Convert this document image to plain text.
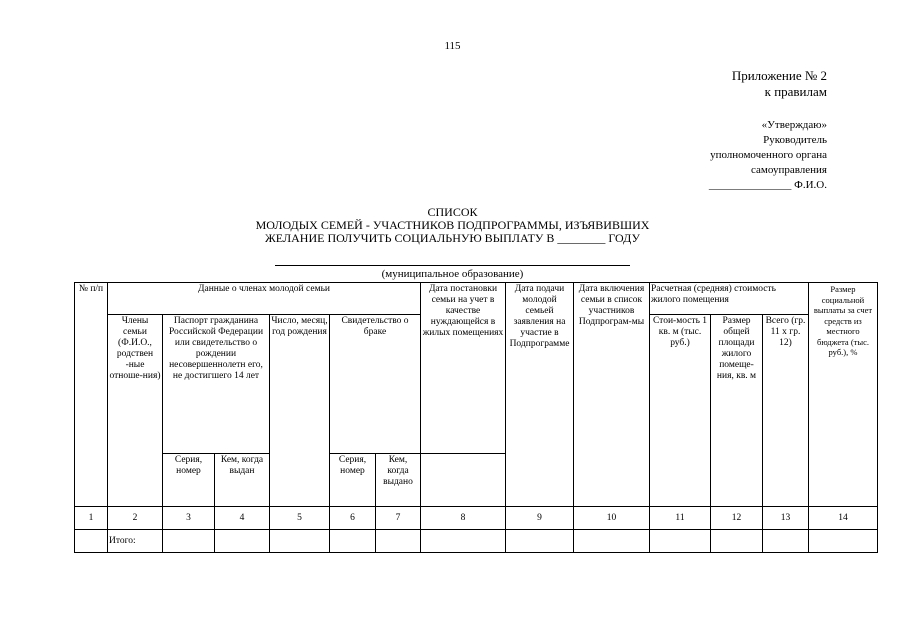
115
Приложение № 2
к правилам
«Утверждаю»
Руководитель
уполномоченного органа
самоуправления
_______________ Ф.И.О.
СПИСОК
МОЛОДЫХ СЕМЕЙ - УЧАСТНИКОВ ПОДПРОГРАММЫ, ИЗЪЯВИВШИХ
ЖЕЛАНИЕ ПОЛУЧИТЬ СОЦИАЛЬНУЮ ВЫПЛАТУ В ________ ГОДУ
(муниципальное образование)
№ п/п	Данные о членах молодой семьи						Дата постановки семьи на учет в качестве нуждающейся в жилых помещениях	Дата подачи молодой семьей заявления на участие в Подпрограмме	Дата включения семьи в список участников Подпрограм-мы	Расчетная (средняя) стоимость жилого помещения			Размер социальной выплаты за счет средств из местного бюджета (тыс. руб.), %
	Члены семьи (Ф.И.О., родствен -ные отноше-ния)	Паспорт гражданина Российской Федерации или свидетельство о рождении несовершеннолетн его, не достигшего 14 лет		Число, месяц, год рождения	Свидетельство о браке					Стои-мость 1 кв. м (тыс. руб.)	Размер общей площади жилого помеще-ния, кв. м	Всего (гр. 11 х гр. 12)	
		Серия, номер	Кем, когда выдан		Серия, номер	Кем, когда выдано							
1	2	3	4	5	6	7	8	9	10	11	12	13	14
	Итого:												
